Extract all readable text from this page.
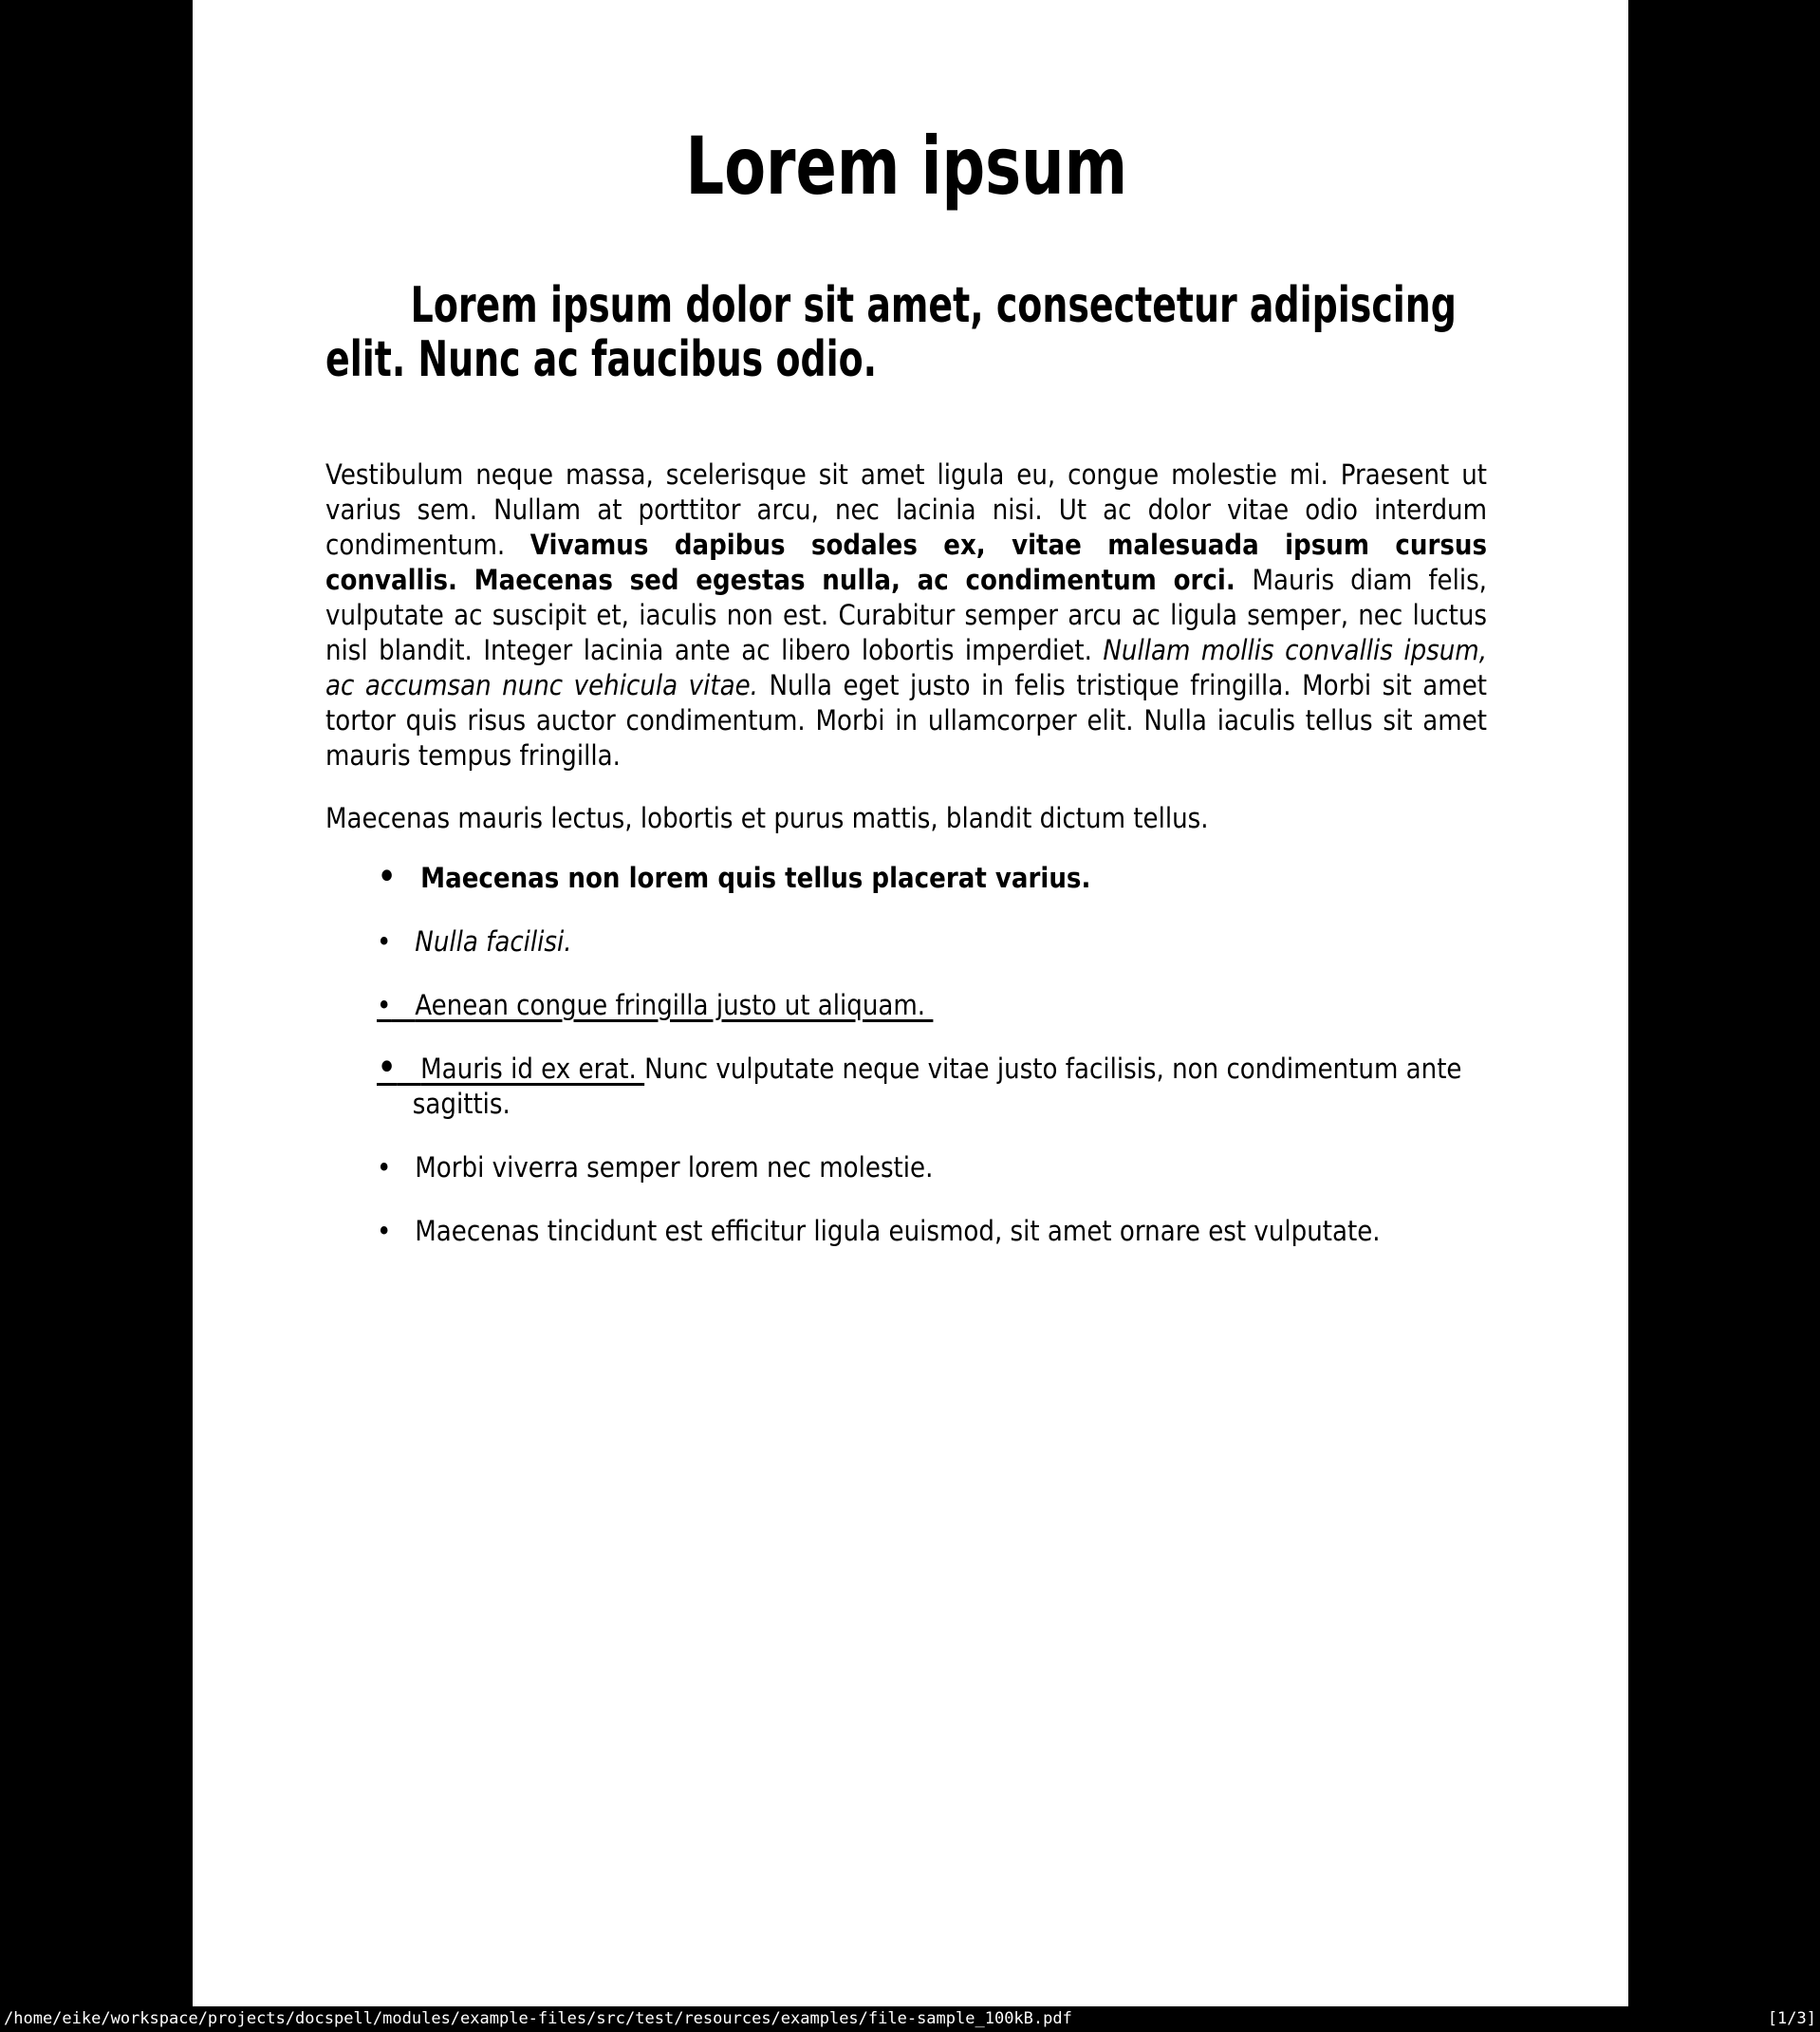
Lorem ipsum
Lorem ipsum dolor sit amet, consectetur adipiscing
elit. Nunc ac faucibus odio.
Vestibulum neque massa, scelerisque sit amet ligula eu, congue molestie mi. Praesent ut varius sem. Nullam at porttitor arcu, nec lacinia nisi. Ut ac dolor vitae odio interdum condimentum. Vivamus dapibus sodales ex, vitae malesuada ipsum cursus convallis. Maecenas sed egestas nulla, ac condimentum orci. Mauris diam felis, vulputate ac suscipit et, iaculis non est. Curabitur semper arcu ac ligula semper, nec luctus nisl blandit. Integer lacinia ante ac libero lobortis imperdiet. Nullam mollis convallis ipsum, ac accumsan nunc vehicula vitae. Nulla eget justo in felis tristique fringilla. Morbi sit amet tortor quis risus auctor condimentum. Morbi in ullamcorper elit. Nulla iaculis tellus sit amet mauris tempus fringilla.
Maecenas mauris lectus, lobortis et purus mattis, blandit dictum tellus.
• Maecenas non lorem quis tellus placerat varius.
• Nulla facilisi.
• Aenean congue fringilla justo ut aliquam.
• Mauris id ex erat. Nunc vulputate neque vitae justo facilisis, non condimentum ante sagittis.
• Morbi viverra semper lorem nec molestie.
• Maecenas tincidunt est efficitur ligula euismod, sit amet ornare est vulputate.
/home/eike/workspace/projects/docspell/modules/example-files/src/test/resources/examples/file-sample_100kB.pdf	[1/3]
